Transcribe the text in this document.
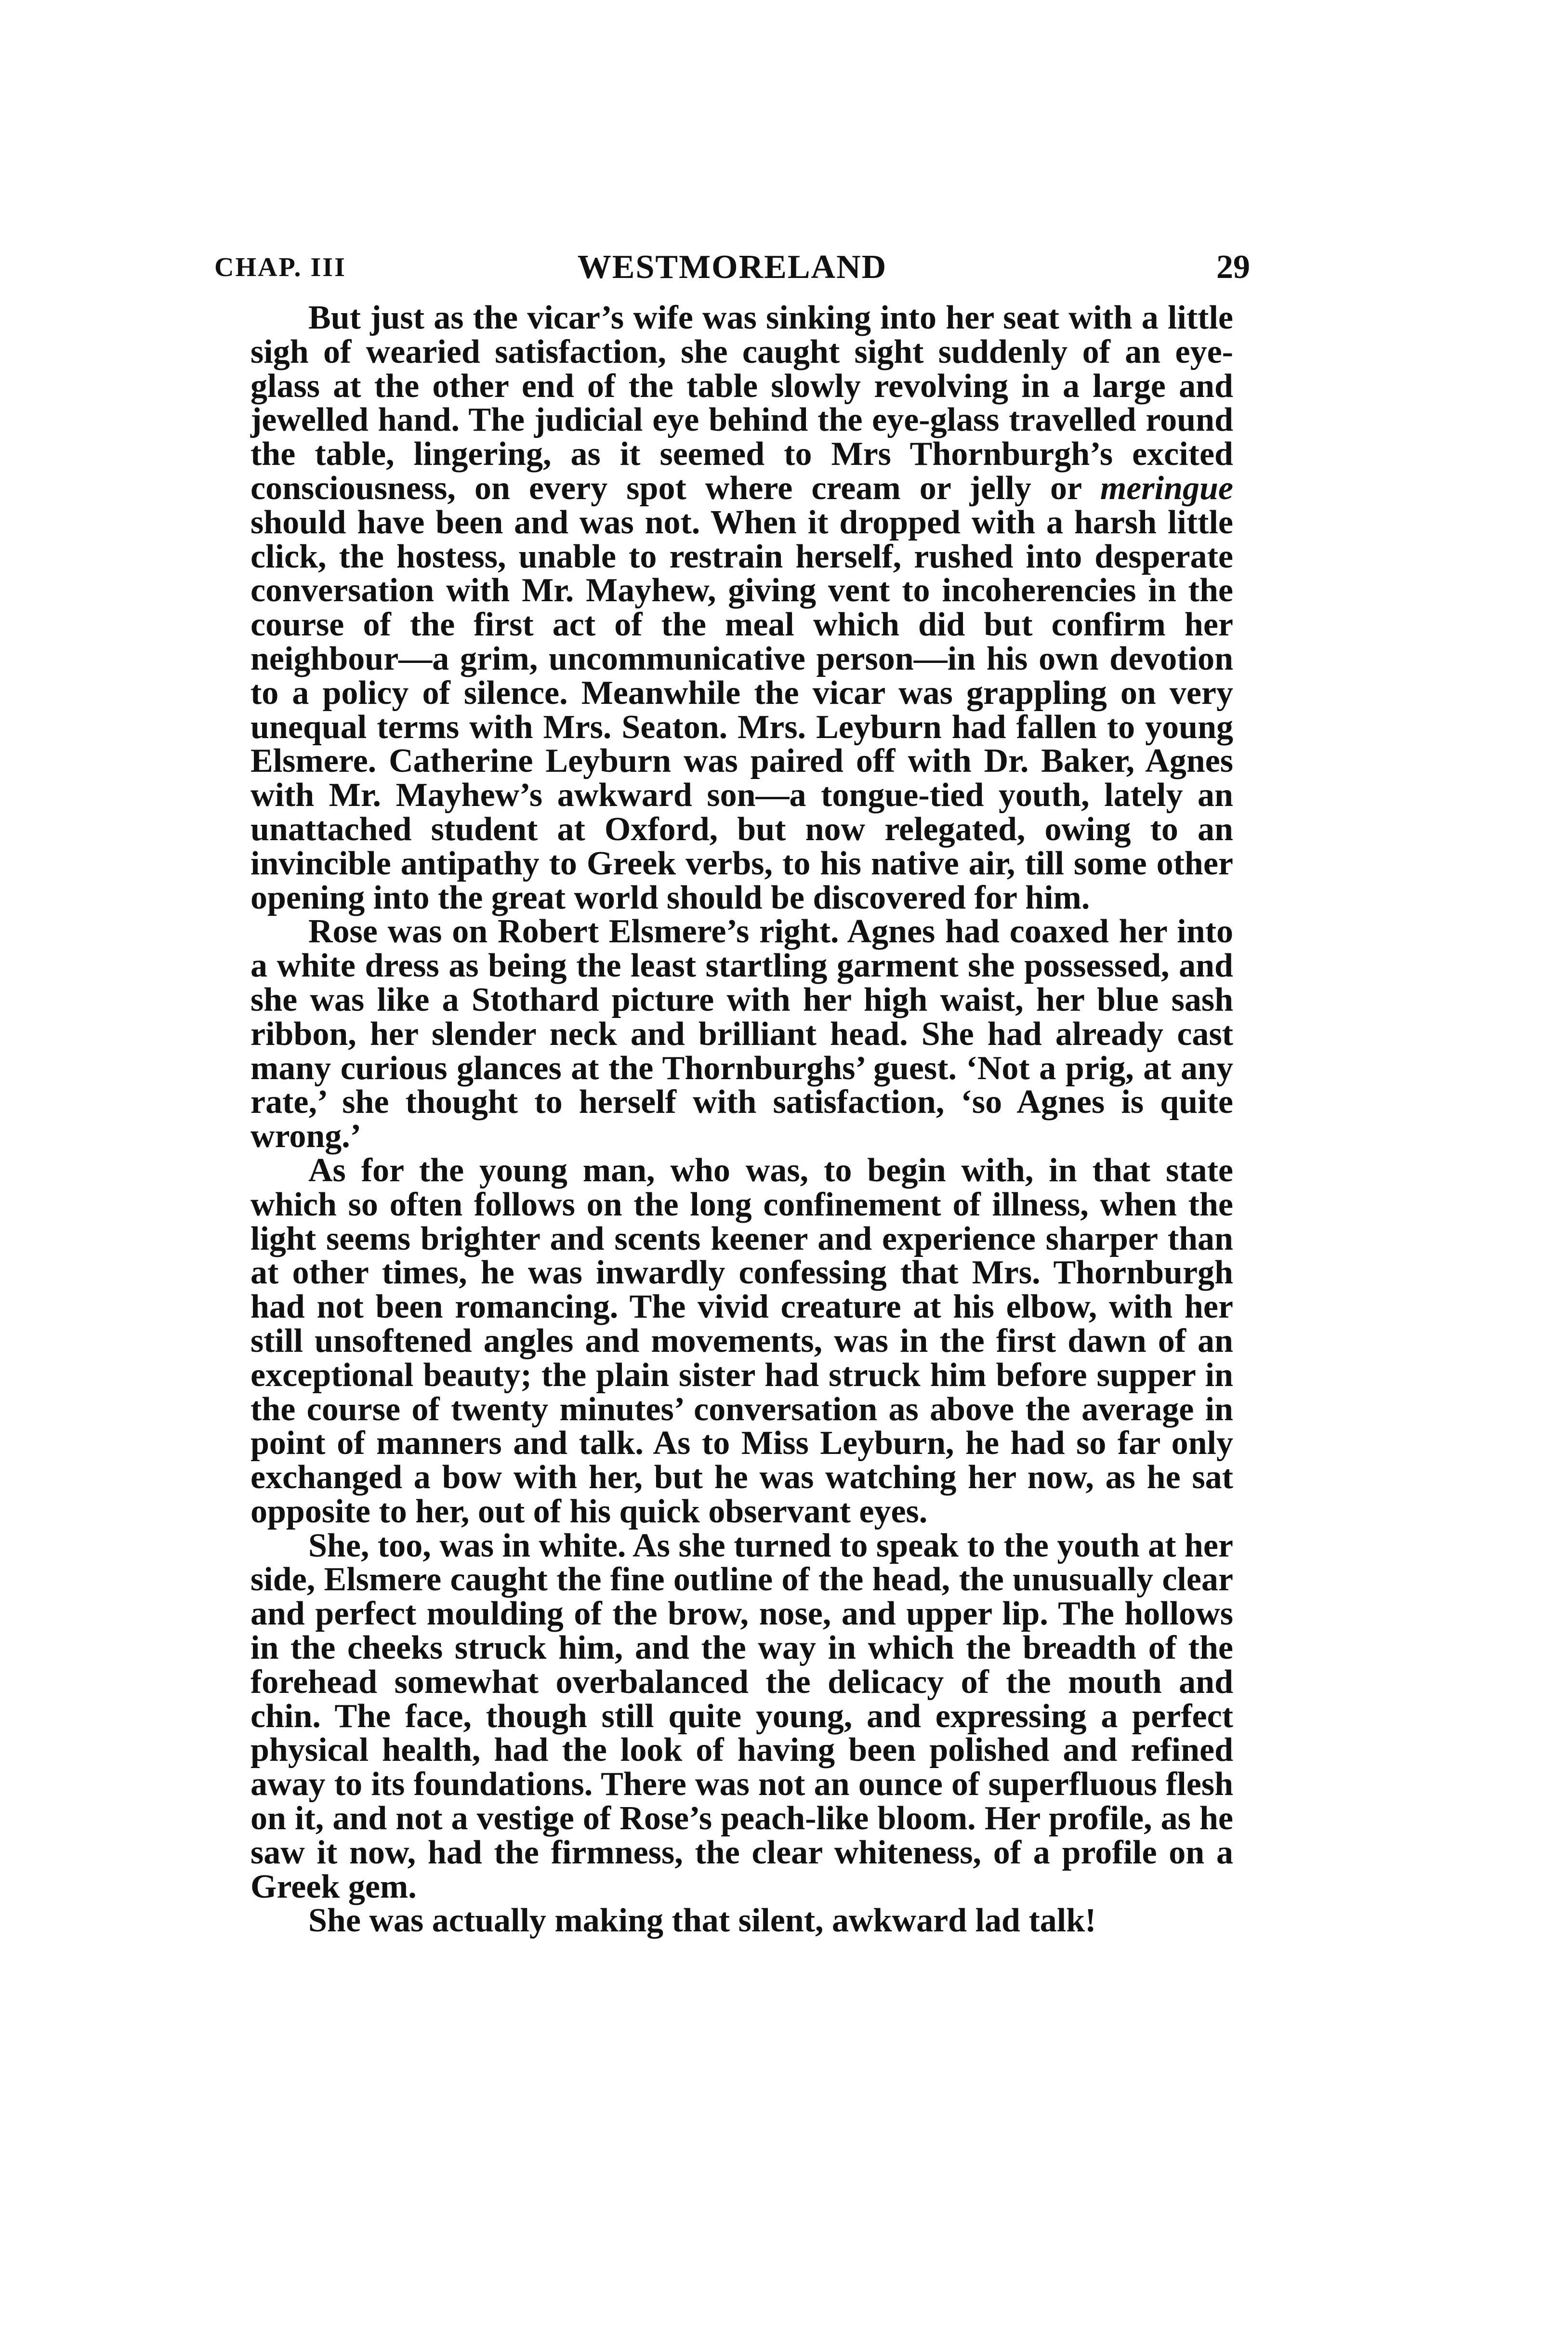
CHAP. III	WESTMORELAND	29

But just as the vicar’s wife was sinking into her seat with a little sigh of wearied satisfaction, she caught sight suddenly of an eye-glass at the other end of the table slowly revolving in a large and jewelled hand. The judicial eye behind the eye-glass travelled round the table, lingering, as it seemed to Mrs Thornburgh’s excited consciousness, on every spot where cream or jelly or meringue should have been and was not. When it dropped with a harsh little click, the hostess, unable to restrain herself, rushed into desperate conversation with Mr. Mayhew, giving vent to incoherencies in the course of the first act of the meal which did but confirm her neighbour—a grim, uncommunicative person—in his own devotion to a policy of silence. Meanwhile the vicar was grappling on very unequal terms with Mrs. Seaton. Mrs. Leyburn had fallen to young Elsmere. Catherine Leyburn was paired off with Dr. Baker, Agnes with Mr. Mayhew’s awkward son—a tongue-tied youth, lately an unattached student at Oxford, but now relegated, owing to an invincible antipathy to Greek verbs, to his native air, till some other opening into the great world should be discovered for him.

Rose was on Robert Elsmere’s right. Agnes had coaxed her into a white dress as being the least startling garment she possessed, and she was like a Stothard picture with her high waist, her blue sash ribbon, her slender neck and brilliant head. She had already cast many curious glances at the Thornburghs’ guest. ‘Not a prig, at any rate,’ she thought to herself with satisfaction, ‘so Agnes is quite wrong.’

As for the young man, who was, to begin with, in that state which so often follows on the long confinement of illness, when the light seems brighter and scents keener and experience sharper than at other times, he was inwardly confessing that Mrs. Thornburgh had not been romancing. The vivid creature at his elbow, with her still unsoftened angles and movements, was in the first dawn of an exceptional beauty; the plain sister had struck him before supper in the course of twenty minutes’ conversation as above the average in point of manners and talk. As to Miss Leyburn, he had so far only exchanged a bow with her, but he was watching her now, as he sat opposite to her, out of his quick observant eyes.

She, too, was in white. As she turned to speak to the youth at her side, Elsmere caught the fine outline of the head, the unusually clear and perfect moulding of the brow, nose, and upper lip. The hollows in the cheeks struck him, and the way in which the breadth of the forehead somewhat overbalanced the delicacy of the mouth and chin. The face, though still quite young, and expressing a perfect physical health, had the look of having been polished and refined away to its foundations. There was not an ounce of superfluous flesh on it, and not a vestige of Rose’s peach-like bloom. Her profile, as he saw it now, had the firmness, the clear whiteness, of a profile on a Greek gem.

She was actually making that silent, awkward lad talk!
